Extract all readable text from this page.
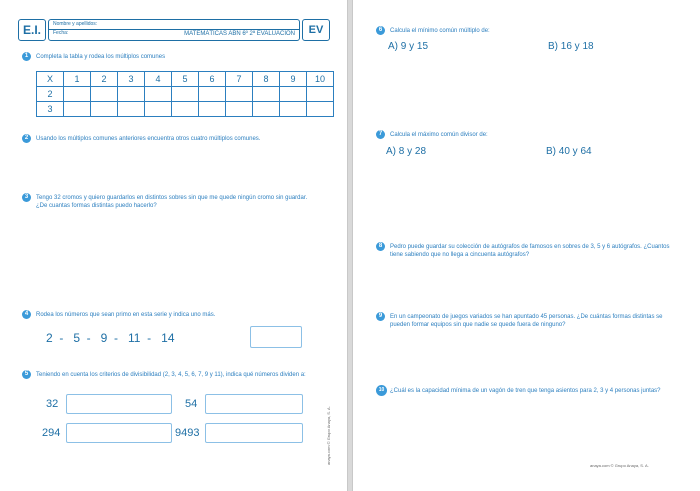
E.I.	Nombre y apellidos:
Fecha:	MATEMÁTICAS ABN 6º 2ª EVALUACIÓN	EV
1	Completa la tabla y rodea los múltiplos comunes
X	1	2	3	4	5	6	7	8	9	10
2										
3										
2	Usando los múltiplos comunes anteriores encuentra otros cuatro múltiplos comunes.
3	Tengo 32 cromos y quiero guardarlos en distintos sobres sin que me quede ningún cromo sin guardar.
¿De cuantas formas distintas puedo hacerlo?
4	Rodea los números que sean primo en esta serie y indica uno más.
2  -   5  -   9  -   11  -   14
5	Teniendo en cuenta los criterios de divisibilidad (2, 3, 4, 5, 6, 7, 9 y 11), indica qué números dividen a:
32	54
294	9493	anaya.com © Grupo Anaya, S. A.
6	Calcula el mínimo común múltiplo de:
A) 9 y 15	B) 16 y 18
7	Calcula el máximo común divisor de:
A) 8 y 28	B) 40 y 64
8	Pedro puede guardar su colección de autógrafos de famosos en sobres de 3, 5 y 6 autógrafos. ¿Cuantos
tiene sabiendo que no llega a cincuenta autógrafos?
9	En un campeonato de juegos variados se han apuntado 45 personas. ¿De cuántas formas distintas se
pueden formar equipos sin que nadie se quede fuera de ninguno?
10 ¿Cuál es la capacidad mínima de un vagón de tren que tenga asientos para 2, 3 y 4 personas juntas?
anaya.com © Grupo Anaya, S. A.
